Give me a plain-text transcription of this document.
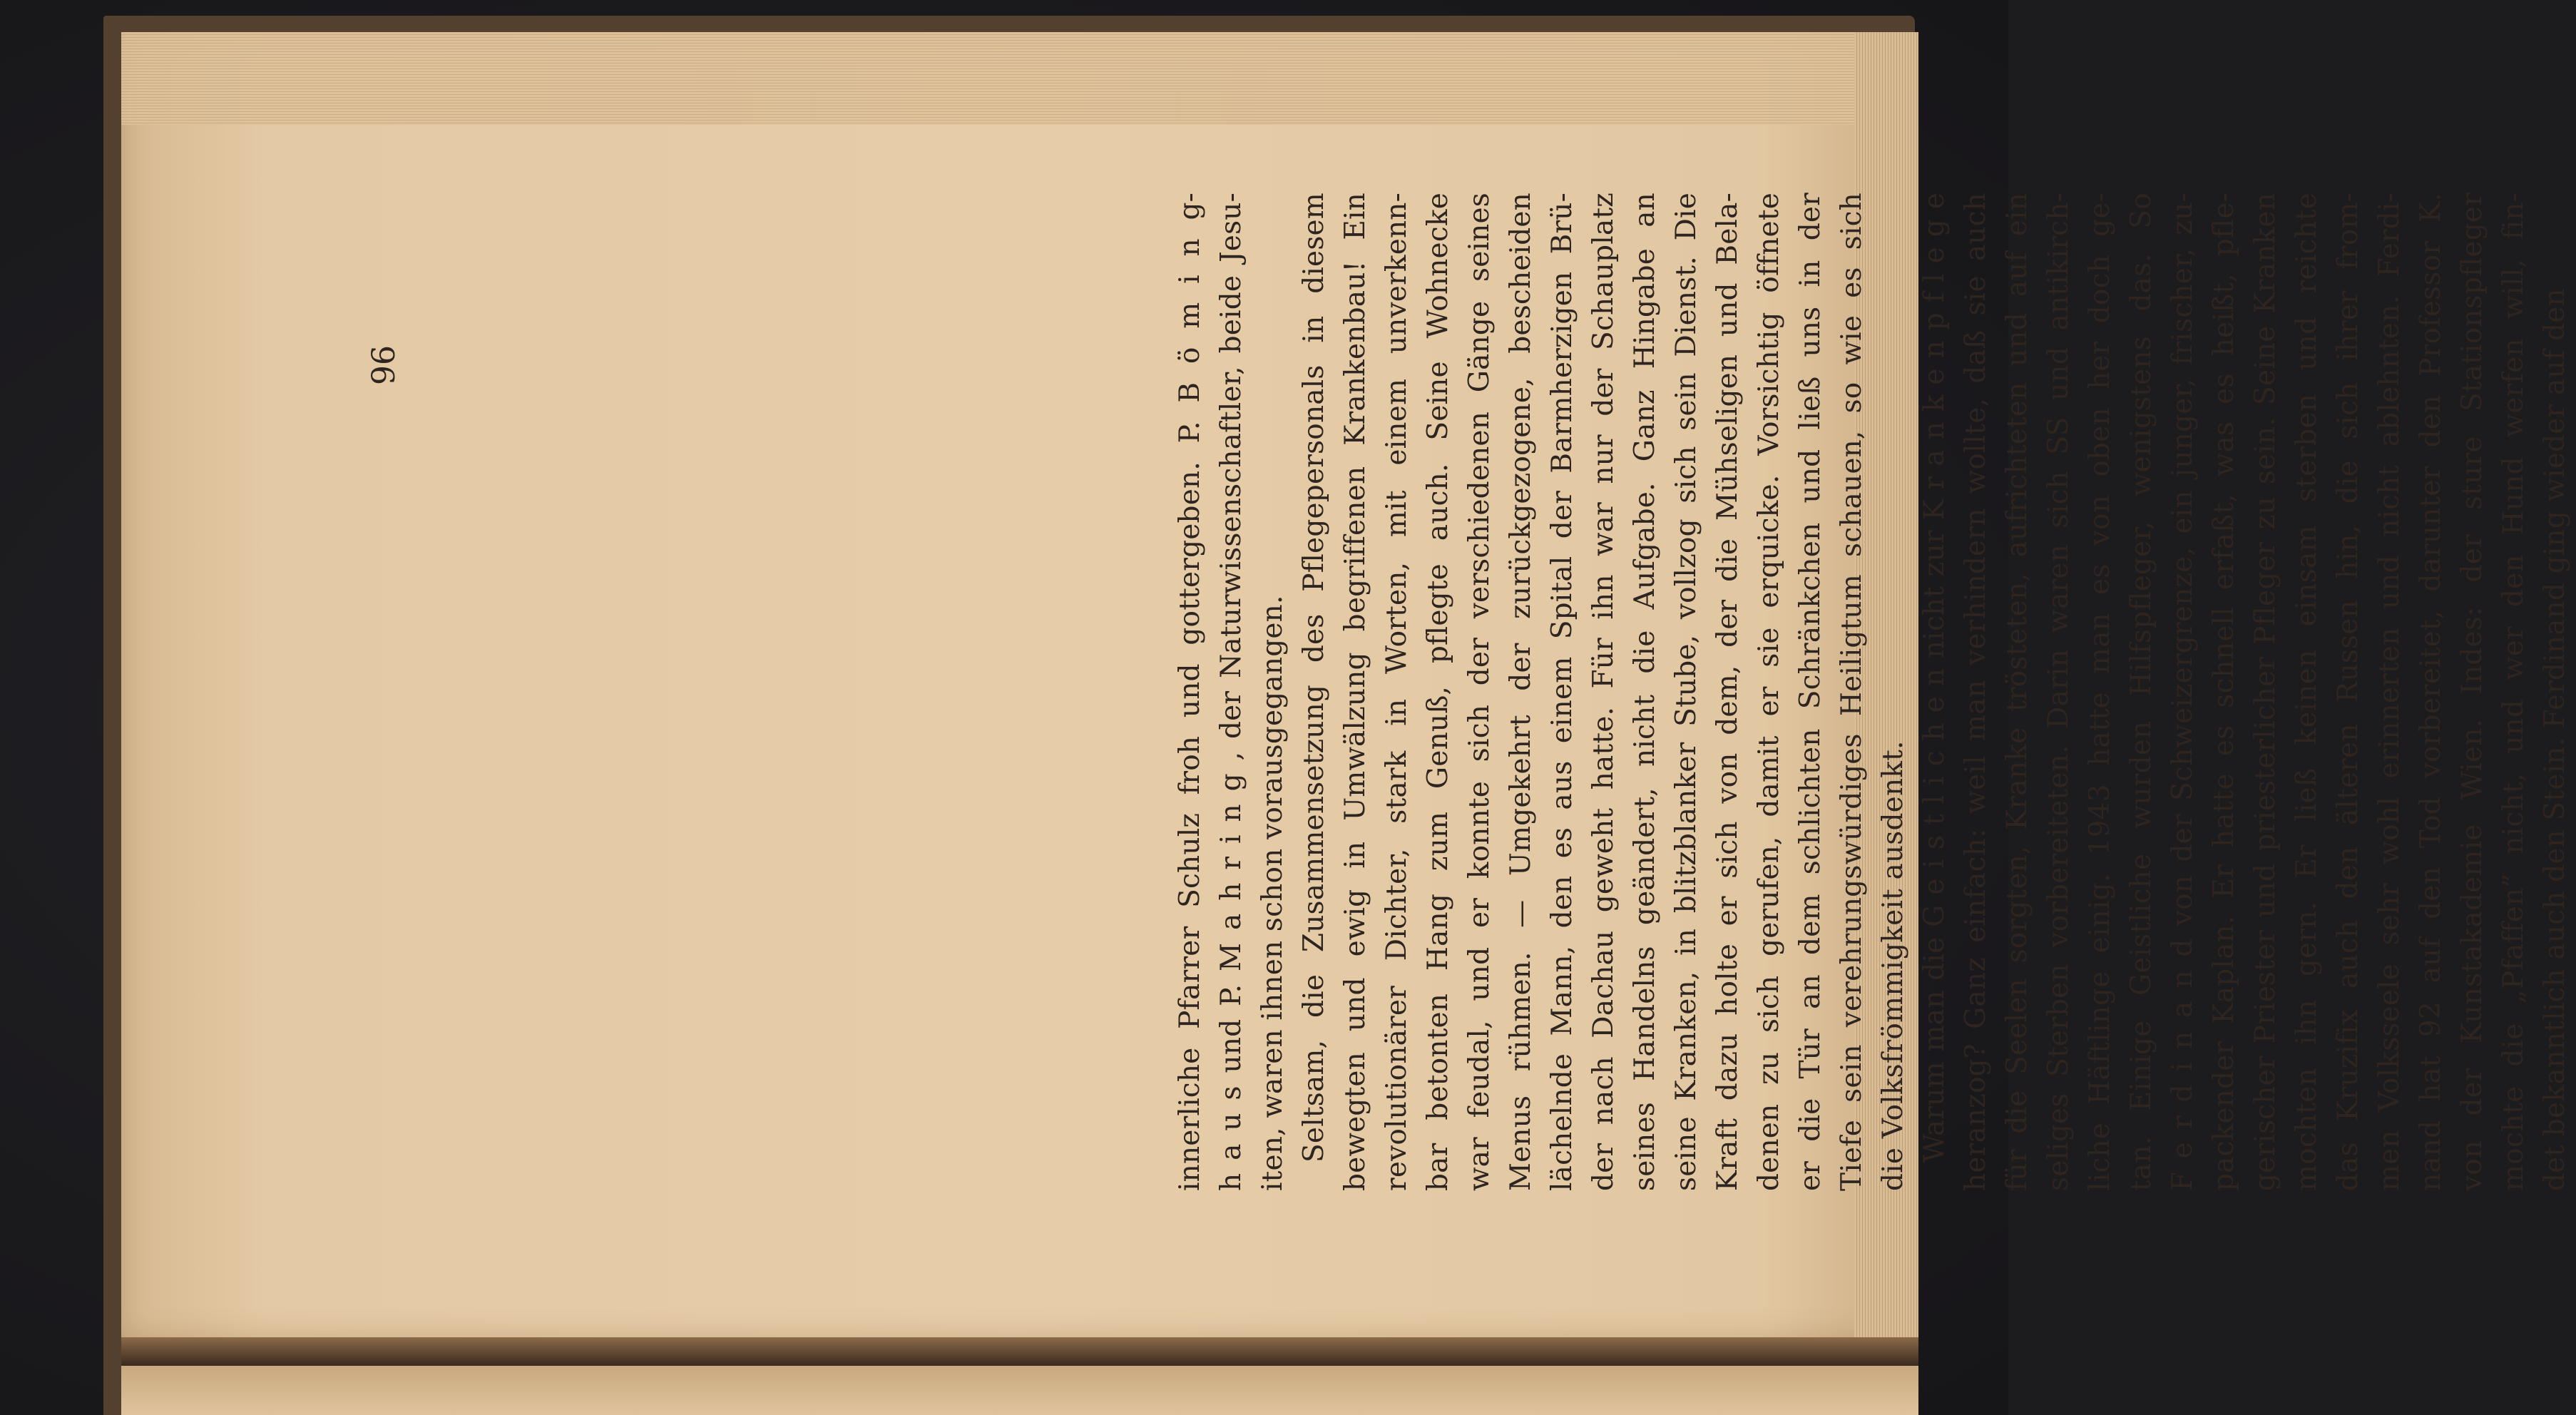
innerliche Pfarrer Schulz froh und gottergeben. P. B ö m i n g- h a u s und P. M a h r i n g , der Naturwissenschaftler, beide Jesu- iten, waren ihnen schon vorausgegangen. Seltsam, die Zusammensetzung des Pflegepersonals in diesem bewegten und ewig in Umwälzung begriffenen Krankenbau! Ein revolutionärer Dichter, stark in Worten, mit einem unverkenn- bar betonten Hang zum Genuß, pflegte auch. Seine Wohnecke war feudal, und er konnte sich der verschiedenen Gänge seines Menus rühmen. — Umgekehrt der zurückgezogene, bescheiden lächelnde Mann, den es aus einem Spital der Barmherzigen Brü- der nach Dachau geweht hatte. Für ihn war nur der Schauplatz seines Handelns geändert, nicht die Aufgabe. Ganz Hingabe an seine Kranken, in blitzblanker Stube, vollzog sich sein Dienst. Die Kraft dazu holte er sich von dem, der die Mühseligen und Bela- denen zu sich gerufen, damit er sie erquicke. Vorsichtig öffnete er die Tür an dem schlichten Schränkchen und ließ uns in der Tiefe sein verehrungswürdiges Heiligtum schauen, so wie es sich die Volksfrömmigkeit ausdenkt. Warum man die G e i s t l i c h e n nicht zur K r a n k e n p f l e g e heranzog? Ganz einfach: weil man verhindern wollte, daß sie auch für die Seelen sorgten, Kranke trösteten, aufrichteten und auf ein seliges Sterben vorbereiteten. Darin waren sich SS und antikirch- liche Häftlinge einig. 1943 hatte man es von oben her doch ge- tan. Einige Geistliche wurden Hilfspfleger, wenigstens das. So F e r d i n a n d von der Schweizergrenze, ein junger, frischer, zu- packender Kaplan. Er hatte es schnell erfaßt, was es heißt, pfle- gerischer Priester und priesterlicher Pfleger zu sein. Seine Kranken mochten ihn gern. Er ließ keinen einsam sterben und reichte das Kruzifix auch den älteren Russen hin, die sich ihrer from- men Volksseele sehr wohl erinnerten und nicht ablehnten. Ferdi- nand hat 92 auf den Tod vorbereitet, darunter den Professor K. von der Kunstakademie Wien. Indes: der sture Stationspfleger mochte die „Pfaffen” nicht, und wer den Hund werfen will, fin- det bekanntlich auch den Stein. Ferdinand ging wieder auf den
96
